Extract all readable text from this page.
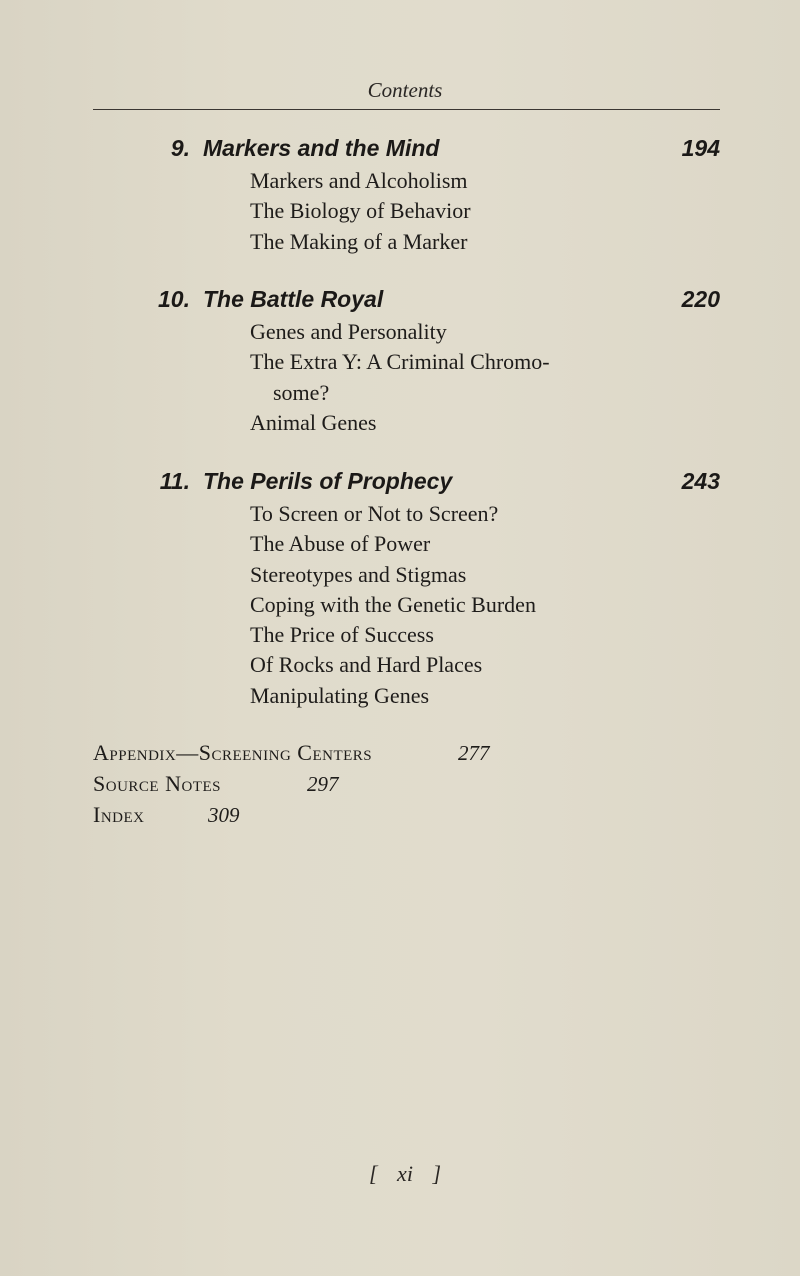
Contents
9. Markers and the Mind	194
Markers and Alcoholism
The Biology of Behavior
The Making of a Marker
10. The Battle Royal	220
Genes and Personality
The Extra Y: A Criminal Chromo-
some?
Animal Genes
11. The Perils of Prophecy	243
To Screen or Not to Screen?
The Abuse of Power
Stereotypes and Stigmas
Coping with the Genetic Burden
The Price of Success
Of Rocks and Hard Places
Manipulating Genes
Appendix—Screening Centers	277
Source Notes	297
Index	309
[ xi ]
